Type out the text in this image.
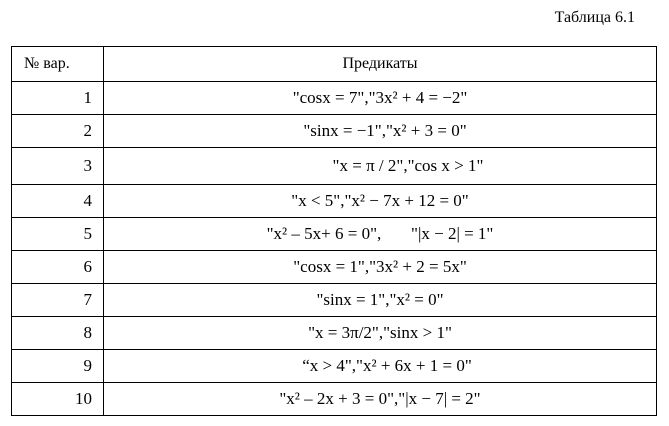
Таблица 6.1
№ вар.	Предикаты
1	"cosx = 7","3x² + 4 = −2"
2	"sinx = −1","x² + 3 = 0"
3	"x = π / 2","cos x > 1"
4	"x < 5","x² − 7x + 12 = 0"
5	"x² – 5x+ 6 = 0",       "|x − 2| = 1"
6	"cosx = 1","3x² + 2 = 5x"
7	"sinx = 1","x² = 0"
8	"x = 3π/2","sinx > 1"
9	“x > 4","x² + 6x + 1 = 0"
10	"x² – 2x + 3 = 0","|x − 7| = 2"
